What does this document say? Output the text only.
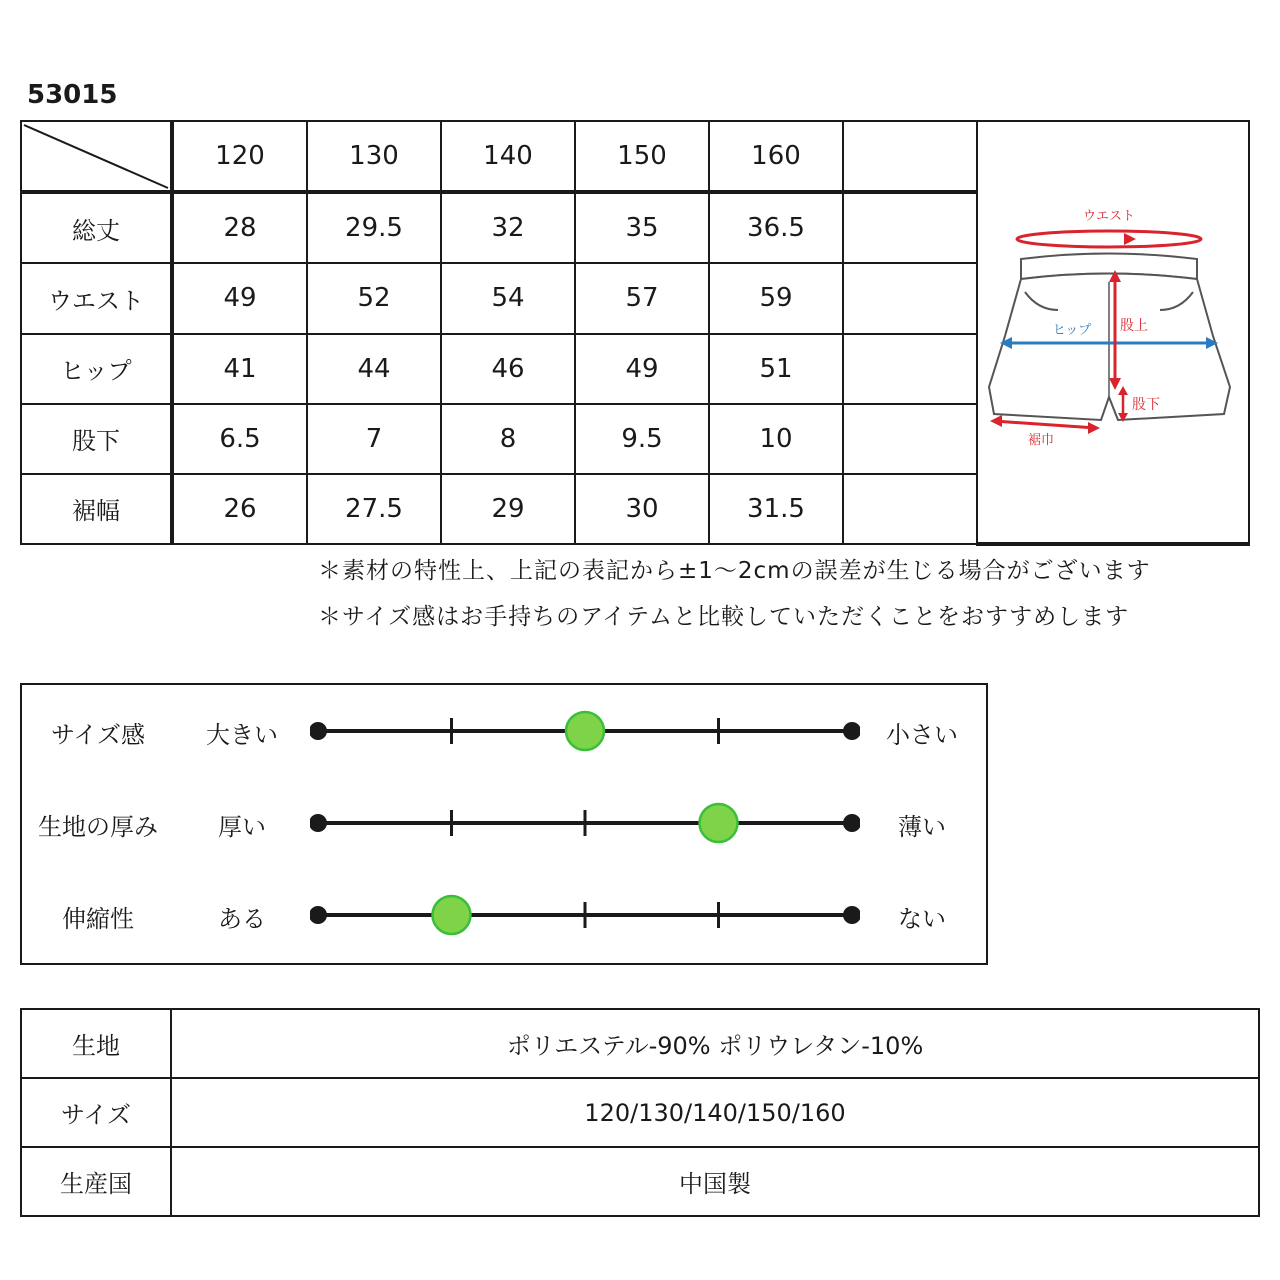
53015
	120	130	140	150	160		ウエスト
ヒップ 股上
股下
裾巾

総丈	28	29.5	32	35	36.5		
ウエスト	49	52	54	57	59		
ヒップ	41	44	46	49	51		
股下	6.5	7	8	9.5	10		
裾幅	26	27.5	29	30	31.5		
＊素材の特性上、上記の表記から±1～2cmの誤差が生じる場合がございます
＊サイズ感はお手持ちのアイテムと比較していただくことをおすすめします
サイズ感	大きい	小さい
生地の厚み	厚い	薄い
伸縮性	ある	ない
生地	ポリエステル-90% ポリウレタン-10%
サイズ	120/130/140/150/160
生産国	中国製
